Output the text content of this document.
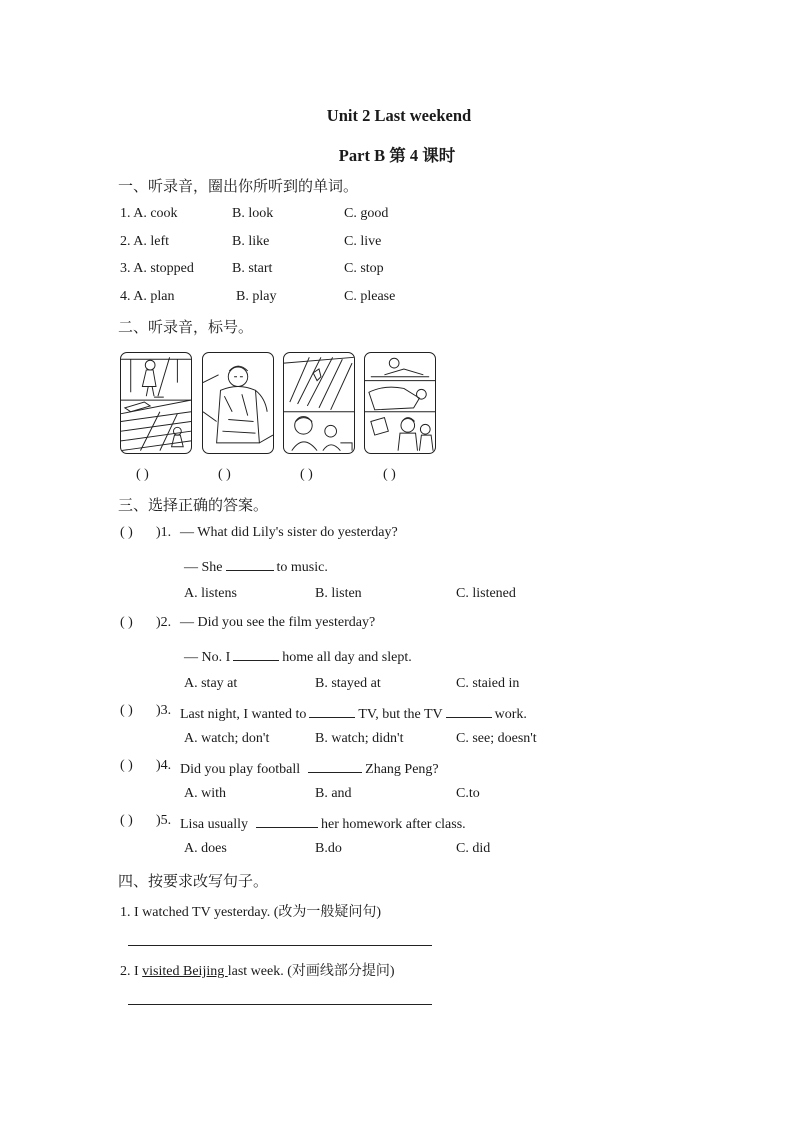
Unit 2 Last weekend
Part B 第 4 课时
一、听录音，圈出你所听到的单词。
1. A. cook	B. look	C. good
2. A. left	B. like	C. live
3. A. stopped	B. start	C. stop
4. A. plan	B. play	C. please
二、听录音，标号。
( )	( )	( )	( )
三、选择正确的答案。
( ) )1. — What did Lily's sister do yesterday?
— She	to music.
A. listens	B. listen	C. listened
( ) )2. — Did you see the film yesterday?
— No. I	home all day and slept.
A. stay at	B. stayed at	C. staied in
( ) )3. Last night, I wanted to	TV, but the TV	work.
A. watch; don't	B. watch; didn't	C. see; doesn't
( ) )4. Did you play football	Zhang Peng?
A. with	B. and	C.to
( ) )5. Lisa usually	her homework after class.
A. does	B.do	C. did
四、按要求改写句子。
1. I watched TV yesterday. (改为一般疑问句)
2. I visited Beijing last week. (对画线部分提问)
